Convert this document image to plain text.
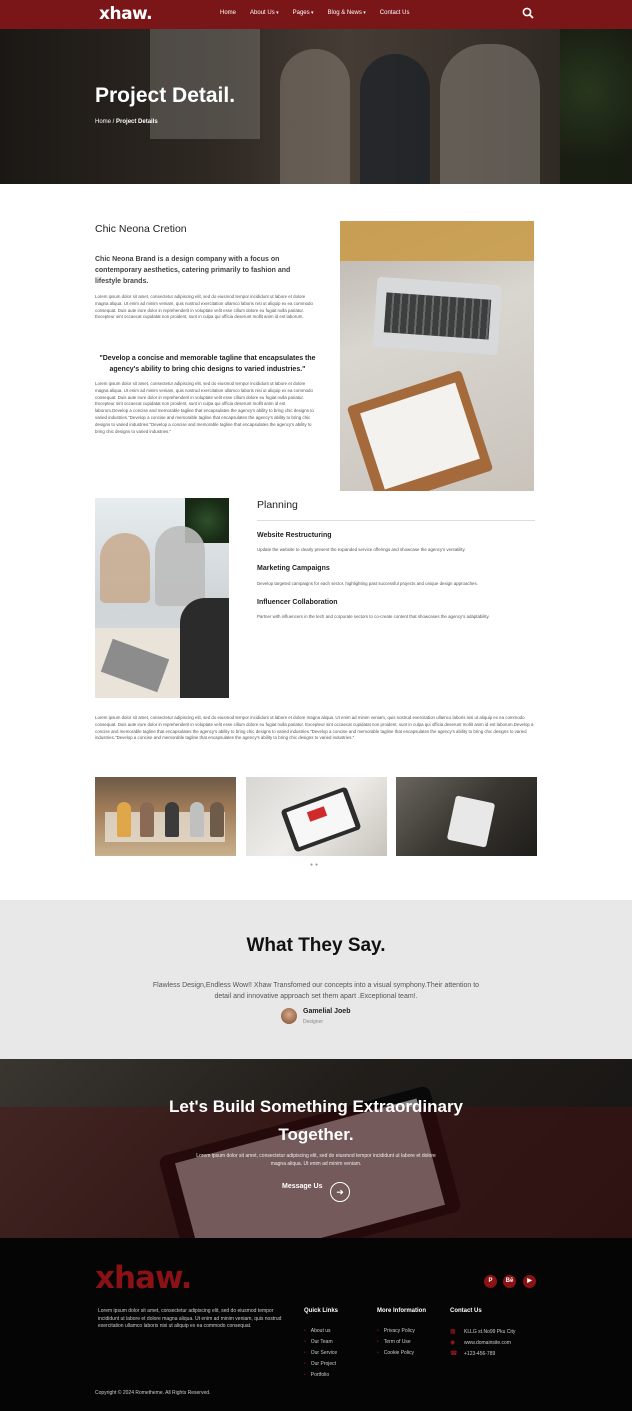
xhaw.	Home About Us ▾	Pages ▾	Blog & News ▾	Contact Us
Project Detail.
Home / Project Details
Chic Neona Cretion
Chic Neona Brand is a design company with a focus on contemporary aesthetics, catering primarily to fashion and lifestyle brands.
Lorem ipsum dolor sit amet, consectetur adipiscing elit, sed do eiusmod tempor incididunt ut labore et dolore magna aliqua. Ut enim ad minim veniam, quis nostrud exercitation ullamco laboris nisi ut aliquip ex ea commodo consequat. Duis aute irure dolor in reprehenderit in voluptate velit esse cillum dolore eu fugiat nulla pariatur. Excepteur sint occaecat cupidatat non proident, sunt in culpa qui officia deserunt mollit anim id est laborum.
"Develop a concise and memorable tagline that encapsulates the agency's ability to bring chic designs to varied industries."
Lorem ipsum dolor sit amet, consectetur adipiscing elit, sed do eiusmod tempor incididunt ut labore et dolore magna aliqua. Ut enim ad minim veniam, quis nostrud exercitation ullamco laboris nisi ut aliquip ex ea commodo consequat. Duis aute irure dolor in reprehenderit in voluptate velit esse cillum dolore eu fugiat nulla pariatur. Excepteur sint occaecat cupidatat non proident, sunt in culpa qui officia deserunt mollit anim id est laborum.Develop a concise and memorable tagline that encapsulates the agency's ability to bring chic designs to varied industries."Develop a concise and memorable tagline that encapsulates the agency's ability to bring chic designs to varied industries."Develop a concise and memorable tagline that encapsulates the agency's ability to bring chic designs to varied industries."
Planning
Website Restructuring
Update the website to clearly present the expanded service offerings and showcase the agency's versatility.
Marketing Campaigns
Develop targeted campaigns for each sector, highlighting past successful projects and unique design approaches.
Influencer Collaboration
Partner with influencers in the tech and corporate sectors to co-create content that showcases the agency's adaptability.
Lorem ipsum dolor sit amet, consectetur adipiscing elit, sed do eiusmod tempor incididunt ut labore et dolore magna aliqua. Ut enim ad minim veniam, quis nostrud exercitation ullamco laboris nisi ut aliquip ex ea commodo consequat. Duis aute irure dolor in reprehenderit in voluptate velit esse cillum dolore eu fugiat nulla pariatur. Excepteur sint occaecat cupidatat non proident, sunt in culpa qui officia deserunt mollit anim id est laborum.Develop a concise and memorable tagline that encapsulates the agency's ability to bring chic designs to varied industries."Develop a concise and memorable tagline that encapsulates the agency's ability to bring chic designs to varied industries."Develop a concise and memorable tagline that encapsulates the agency's ability to bring chic designs to varied industries."
●●
What They Say.
Flawless Design,Endless Wow!! Xhaw Transfomed our concepts into a visual symphony.Their attention to detail and innovative approach set them apart .Exceptional team!.
Gamelial Joeb
Designer
Let's Build Something Extraordinary Together.
Lorem ipsum dolor sit amet, consectetur adipiscing elit, sed do eiusmod tempor incididunt ut labore et dolore magna aliqua. Ut enim ad minim veniam.
Message Us
➜
xhaw.	P	Bē	▶
Lorem ipsum dolor sit amet, consectetur adipiscing elit, sed do eiusmod tempor incididunt ut labore et dolore magna aliqua. Ut enim ad minim veniam, quis nostrud exercitation ullamco laboris nisi ut aliquip ex ea commodo consequat.
Quick Links
• About us
• Our Team
• Our Service
• Our Project
• Portfolio
More Information
• Privacy Policy
• Term of Use
• Cookie Policy
Contact Us
▦ KLLG st.No99 Pku City
◉ www.domainsite.com
☎ +123-456-789
Copyright © 2024 Rometheme. All Rights Reserved.
